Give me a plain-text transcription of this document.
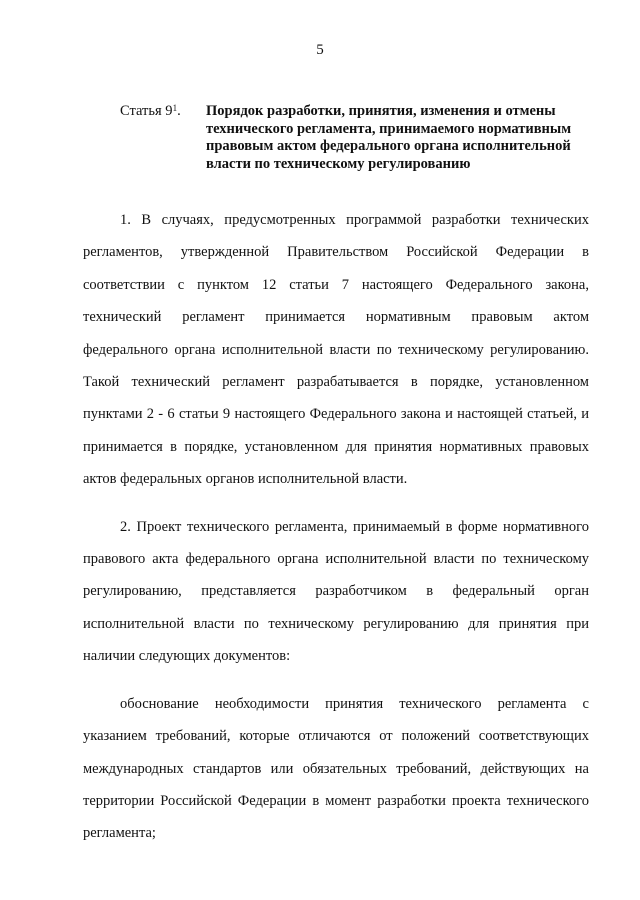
5
Статья $9^1$. Порядок разработки, принятия, изменения и отмены технического регламента, принимаемого нормативным правовым актом федерального органа исполнительной власти по техническому регулированию

1. В случаях, предусмотренных программой разработки технических регламентов, утвержденной Правительством Российской Федерации в соответствии с пунктом 12 статьи 7 настоящего Федерального закона, технический регламент принимается нормативным правовым актом федерального органа исполнительной власти по техническому регулированию. Такой технический регламент разрабатывается в порядке, установленном пунктами 2 - 6 статьи 9 настоящего Федерального закона и настоящей статьей, и принимается в порядке, установленном для принятия нормативных правовых актов федеральных органов исполнительной власти.

2. Проект технического регламента, принимаемый в форме нормативного правового акта федерального органа исполнительной власти по техническому регулированию, представляется разработчиком в федеральный орган исполнительной власти по техническому регулированию для принятия при наличии следующих документов:

обоснование необходимости принятия технического регламента с указанием требований, которые отличаются от положений соответствующих международных стандартов или обязательных требований, действующих на территории Российской Федерации в момент разработки проекта технического регламента;
